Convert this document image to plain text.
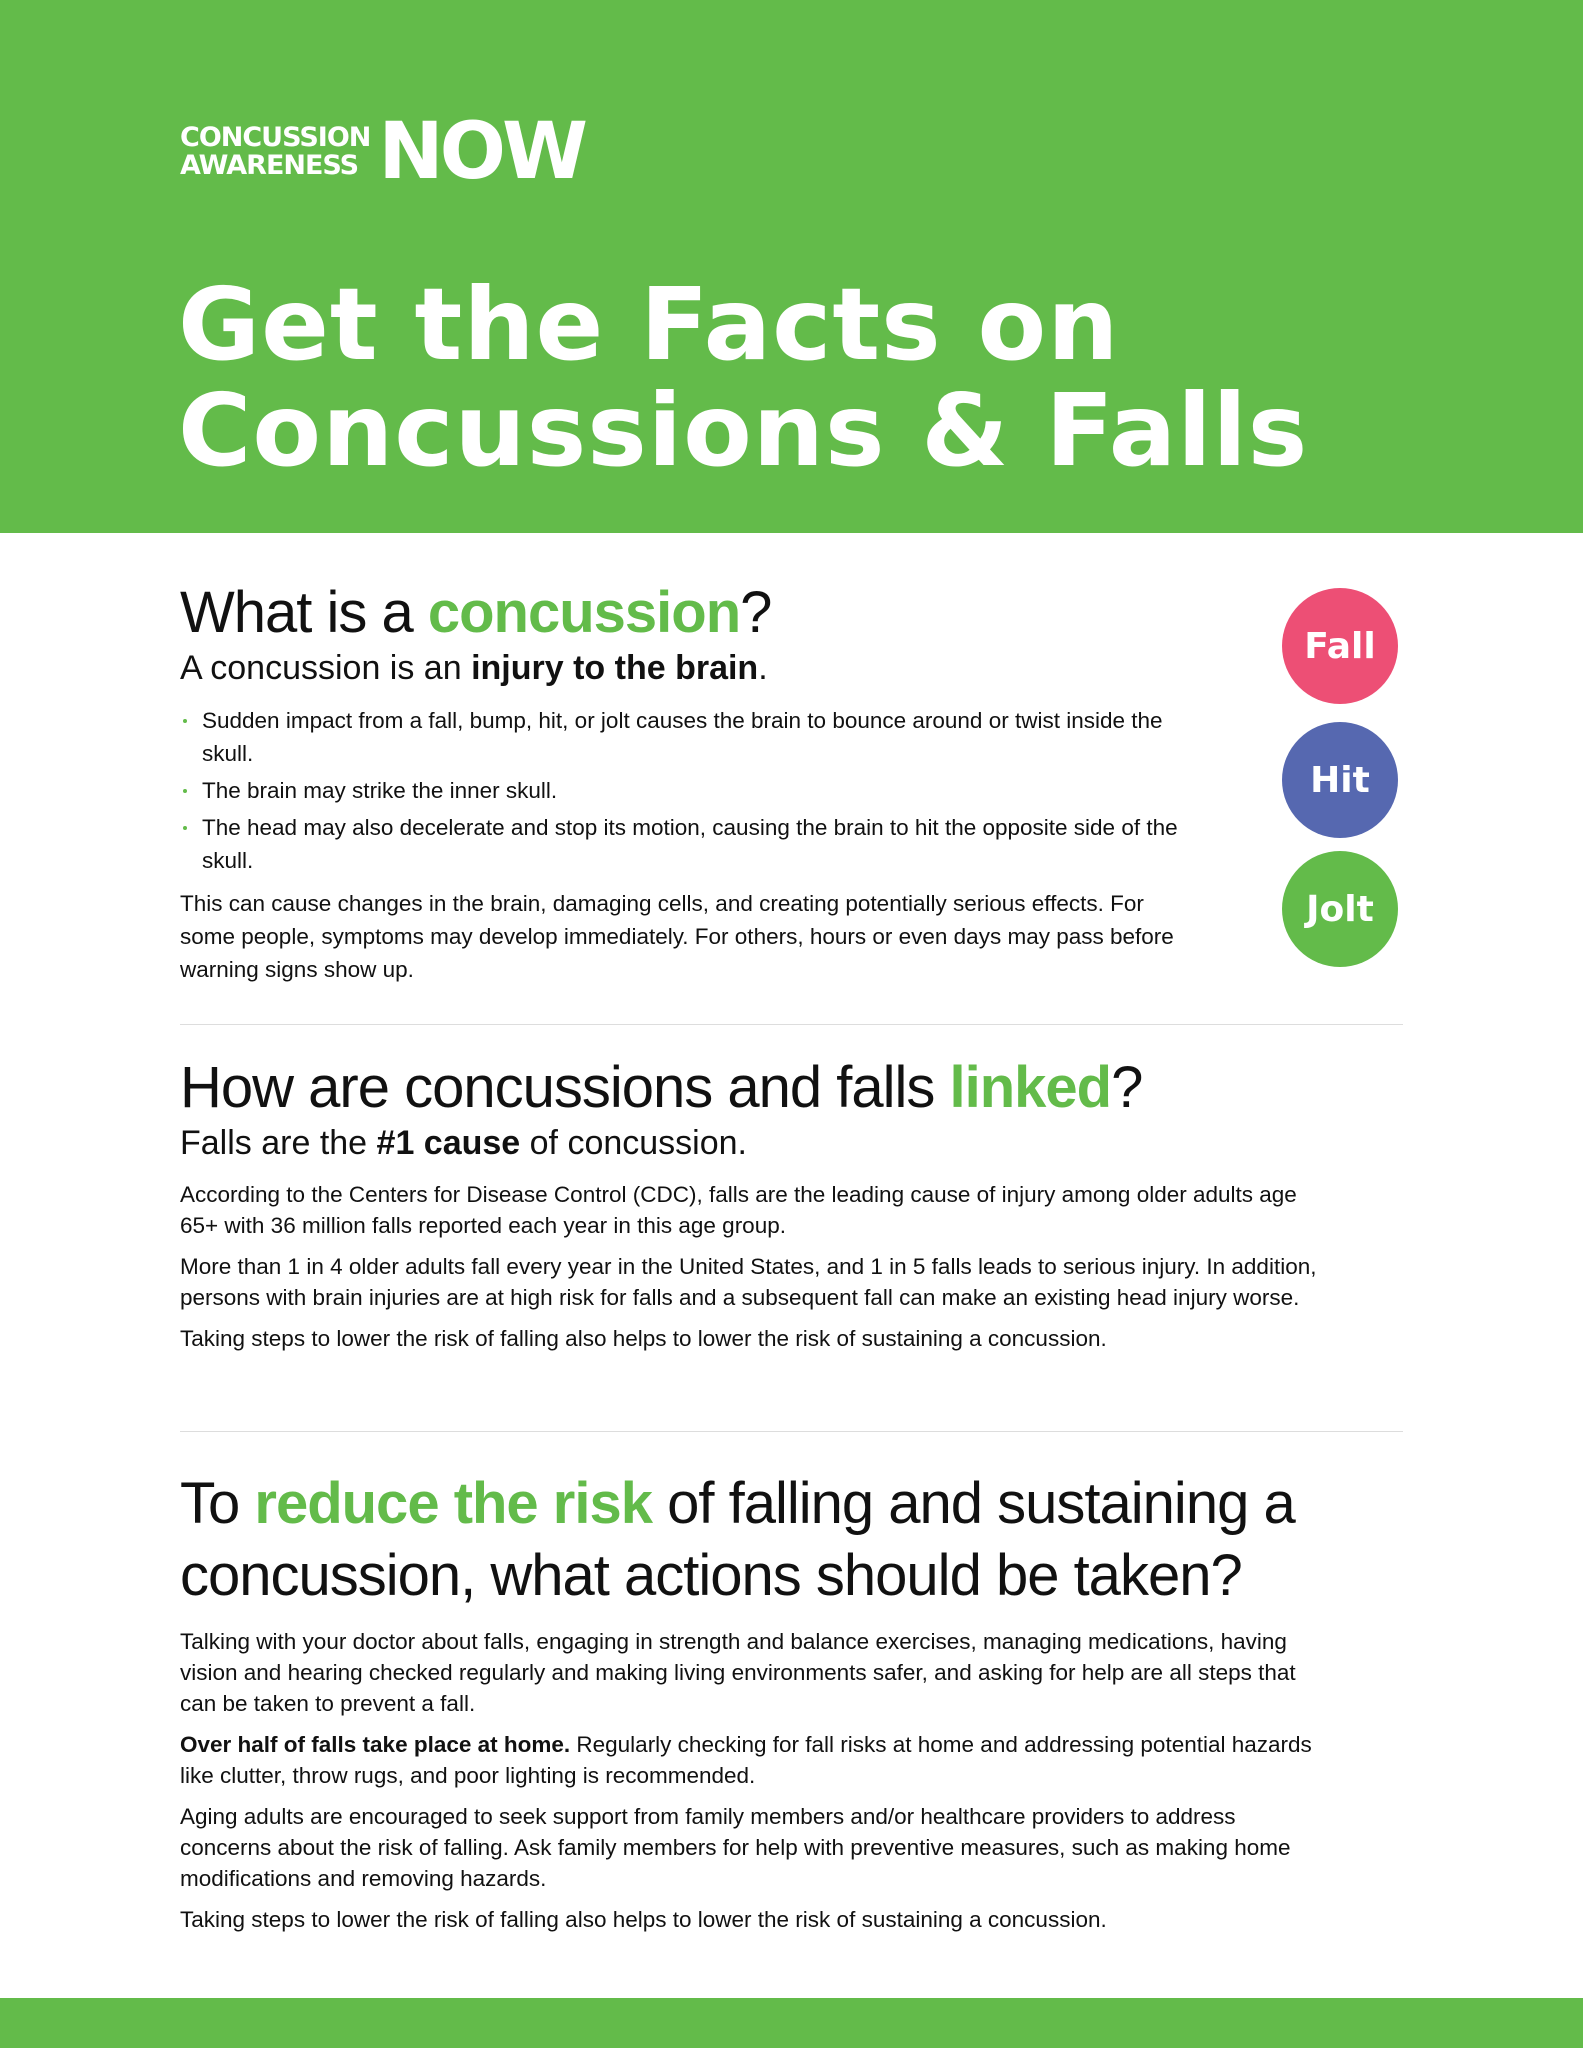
CONCUSSION
AWARENESS NOW
Get the Facts on
Concussions & Falls
Fall
Hit
Jolt
What is a concussion?
A concussion is an injury to the brain.
Sudden impact from a fall, bump, hit, or jolt causes the brain to bounce around or twist inside the skull.
The brain may strike the inner skull.
The head may also decelerate and stop its motion, causing the brain to hit the opposite side of the skull.

This can cause changes in the brain, damaging cells, and creating potentially serious effects. For some people, symptoms may develop immediately. For others, hours or even days may pass before warning signs show up.

How are concussions and falls linked?
Falls are the #1 cause of concussion.

According to the Centers for Disease Control (CDC), falls are the leading cause of injury among older adults age 65+ with 36 million falls reported each year in this age group.

More than 1 in 4 older adults fall every year in the United States, and 1 in 5 falls leads to serious injury. In addition, persons with brain injuries are at high risk for falls and a subsequent fall can make an existing head injury worse.

Taking steps to lower the risk of falling also helps to lower the risk of sustaining a concussion.

To reduce the risk of falling and sustaining a concussion, what actions should be taken?

Talking with your doctor about falls, engaging in strength and balance exercises, managing medications, having vision and hearing checked regularly and making living environments safer, and asking for help are all steps that can be taken to prevent a fall.

Over half of falls take place at home. Regularly checking for fall risks at home and addressing potential hazards like clutter, throw rugs, and poor lighting is recommended.

Aging adults are encouraged to seek support from family members and/or healthcare providers to address concerns about the risk of falling. Ask family members for help with preventive measures, such as making home modifications and removing hazards.

Taking steps to lower the risk of falling also helps to lower the risk of sustaining a concussion.
